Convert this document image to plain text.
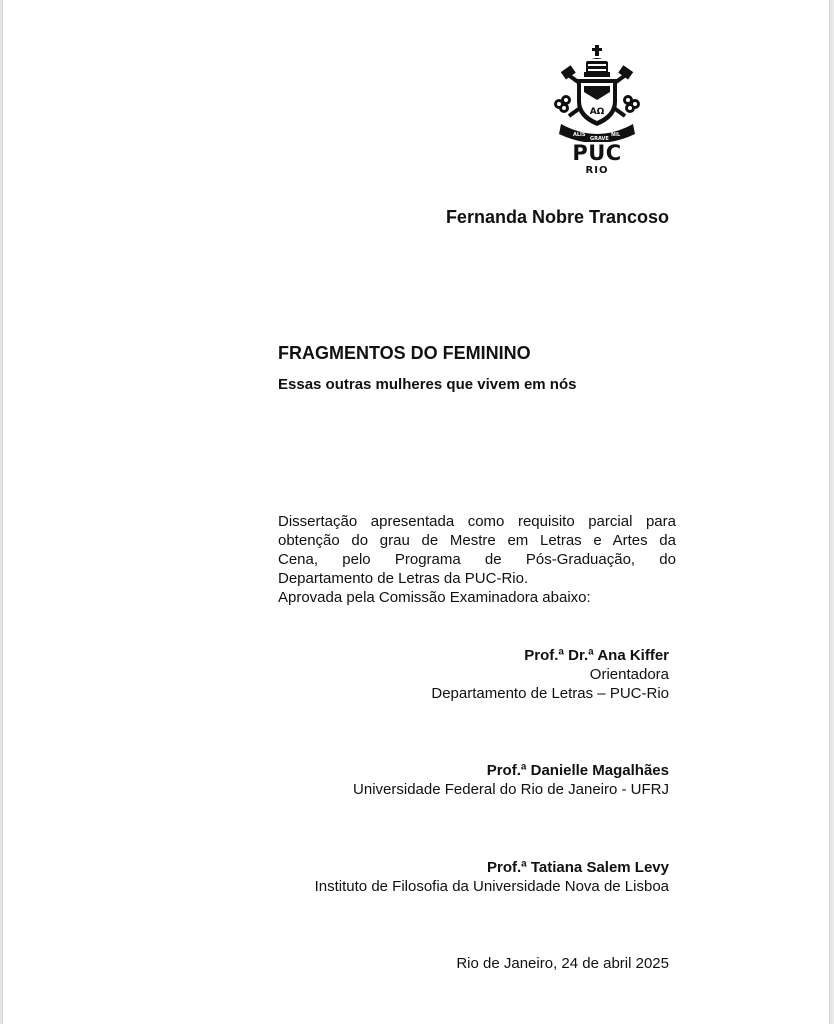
AΩ
ALIS
GRAVE
NIL
PUC
RIO
Fernanda Nobre Trancoso
FRAGMENTOS DO FEMININO
Essas outras mulheres que vivem em nós
Dissertação apresentada como requisito parcial para
obtenção do grau de Mestre em Letras e Artes da
Cena, pelo Programa de Pós-Graduação, do
Departamento de Letras da PUC-Rio.
Aprovada pela Comissão Examinadora abaixo:
Prof.ª Dr.ª Ana Kiffer
Orientadora
Departamento de Letras – PUC-Rio
Prof.ª Danielle Magalhães
Universidade Federal do Rio de Janeiro - UFRJ
Prof.ª Tatiana Salem Levy
Instituto de Filosofia da Universidade Nova de Lisboa
Rio de Janeiro, 24 de abril 2025
